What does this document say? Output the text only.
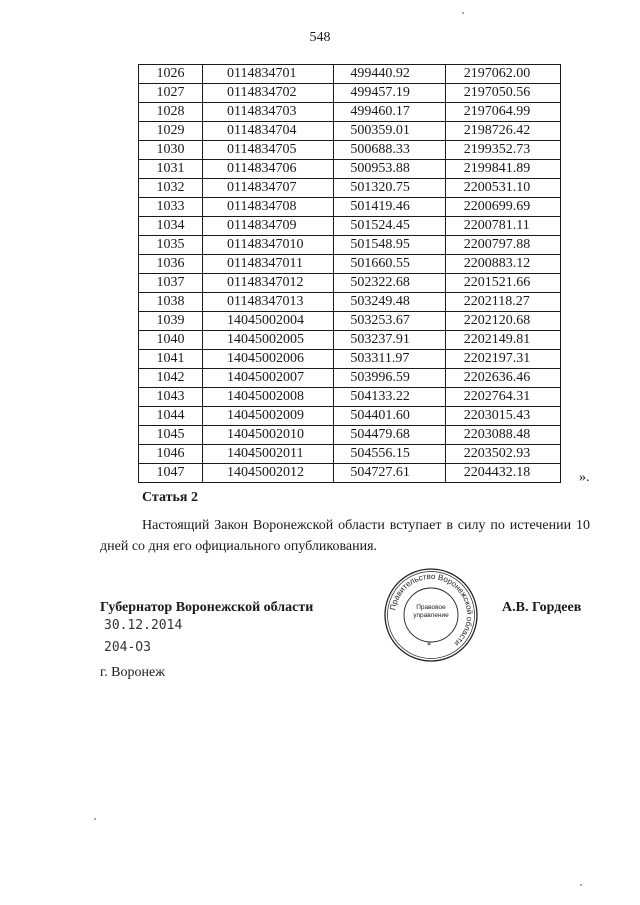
548
1026	0114834701	499440.92	2197062.00
1027	0114834702	499457.19	2197050.56
1028	0114834703	499460.17	2197064.99
1029	0114834704	500359.01	2198726.42
1030	0114834705	500688.33	2199352.73
1031	0114834706	500953.88	2199841.89
1032	0114834707	501320.75	2200531.10
1033	0114834708	501419.46	2200699.69
1034	0114834709	501524.45	2200781.11
1035	01148347010	501548.95	2200797.88
1036	01148347011	501660.55	2200883.12
1037	01148347012	502322.68	2201521.66
1038	01148347013	503249.48	2202118.27
1039	14045002004	503253.67	2202120.68
1040	14045002005	503237.91	2202149.81
1041	14045002006	503311.97	2202197.31
1042	14045002007	503996.59	2202636.46
1043	14045002008	504133.22	2202764.31
1044	14045002009	504401.60	2203015.43
1045	14045002010	504479.68	2203088.48
1046	14045002011	504556.15	2203502.93
1047	14045002012	504727.61	2204432.18	».
Статья 2

Настоящий Закон Воронежской области вступает в силу по истечении 10 дней со дня его официального опубликования.

Губернатор Воронежской области
30.12.2014
204-ОЗ
г. Воронеж
А.В. Гордеев
Правительство Воронежской области
Правовое управление
*
